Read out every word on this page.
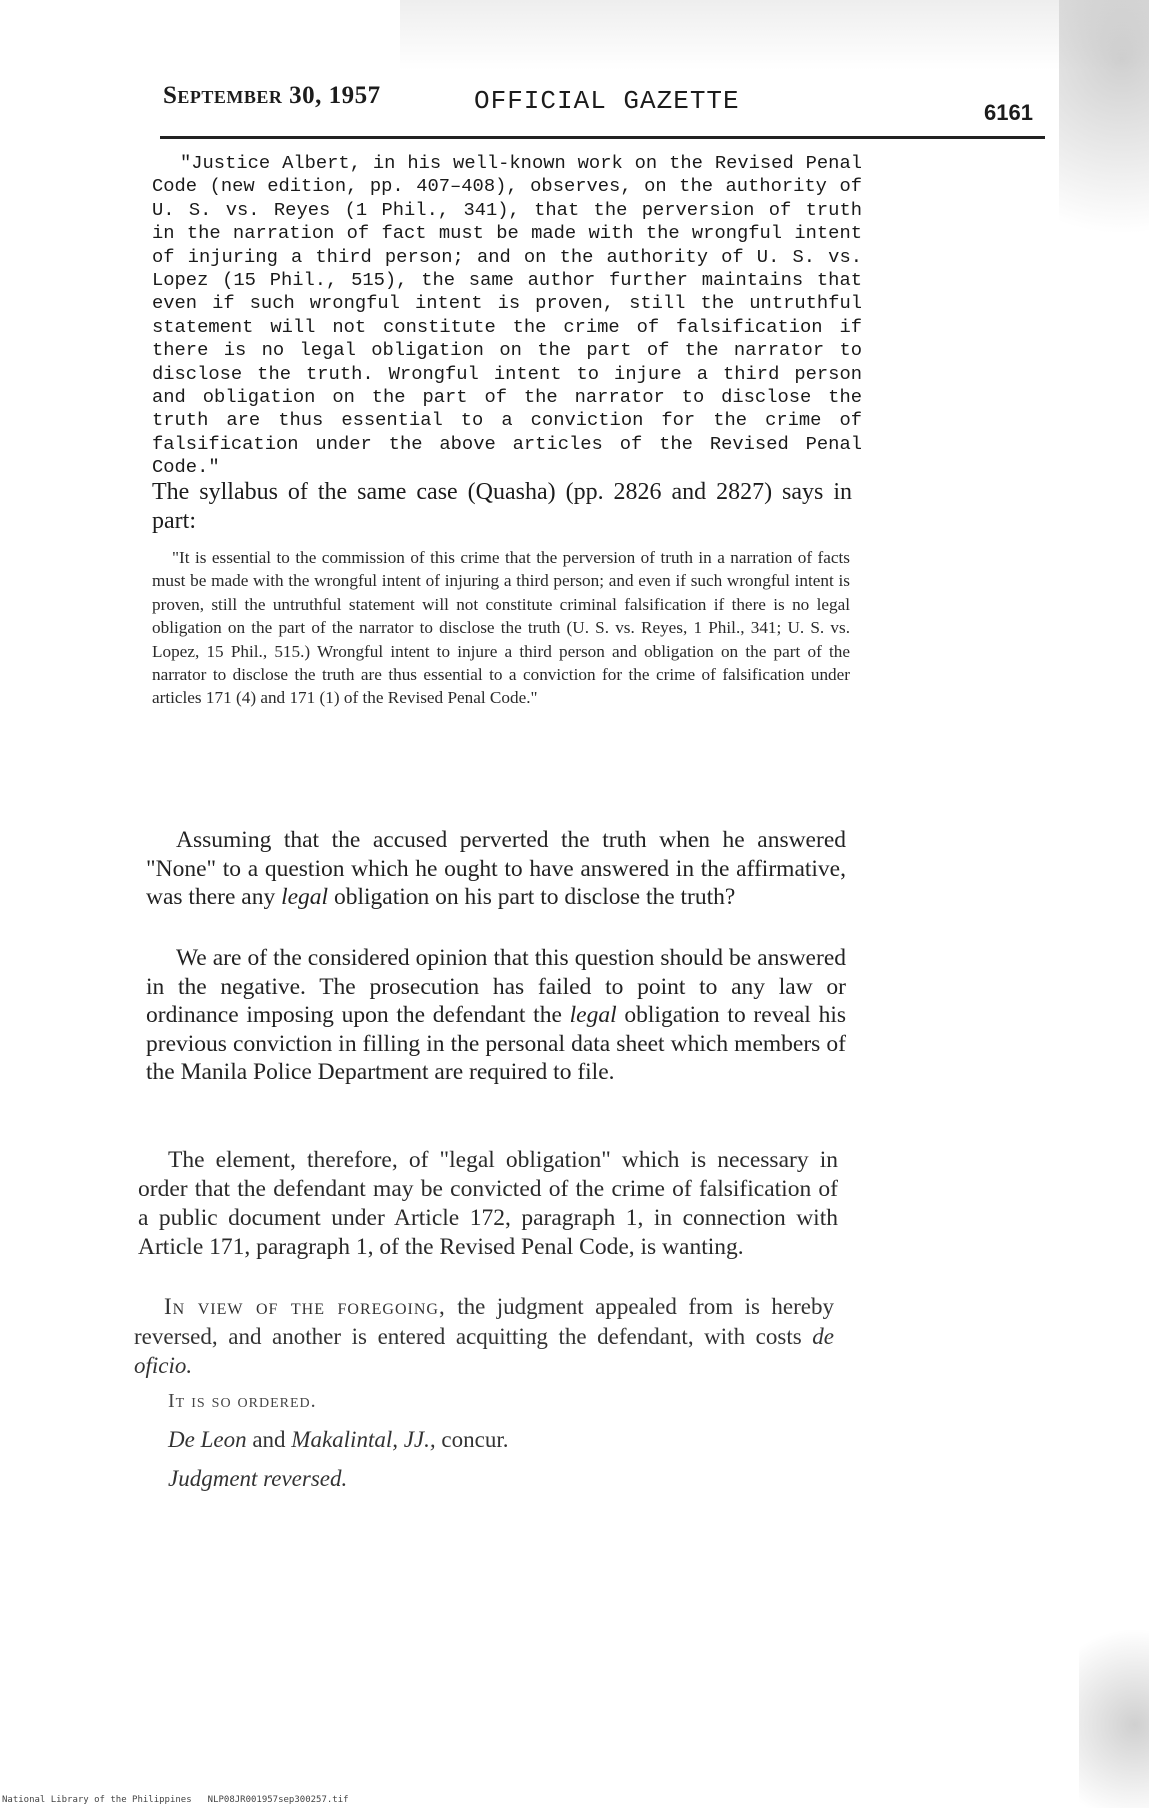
September 30, 1957	OFFICIAL GAZETTE	6161

"Justice Albert, in his well-known work on the Revised Penal Code (new edition, pp. 407–408), observes, on the authority of U. S. vs. Reyes (1 Phil., 341), that the perversion of truth in the narration of fact must be made with the wrongful intent of injuring a third person; and on the authority of U. S. vs. Lopez (15 Phil., 515), the same author further maintains that even if such wrongful intent is proven, still the untruthful statement will not constitute the crime of falsification if there is no legal obligation on the part of the narrator to disclose the truth. Wrongful intent to injure a third person and obligation on the part of the narrator to disclose the truth are thus essential to a conviction for the crime of falsification under the above articles of the Revised Penal Code."

The syllabus of the same case (Quasha) (pp. 2826 and 2827) says in part:

"It is essential to the commission of this crime that the perversion of truth in a narration of facts must be made with the wrongful intent of injuring a third person; and even if such wrongful intent is proven, still the untruthful statement will not constitute criminal falsification if there is no legal obligation on the part of the narrator to disclose the truth (U. S. vs. Reyes, 1 Phil., 341; U. S. vs. Lopez, 15 Phil., 515.) Wrongful intent to injure a third person and obligation on the part of the narrator to disclose the truth are thus essential to a conviction for the crime of falsification under articles 171 (4) and 171 (1) of the Revised Penal Code."

Assuming that the accused perverted the truth when he answered "None" to a question which he ought to have answered in the affirmative, was there any legal obligation on his part to disclose the truth?

We are of the considered opinion that this question should be answered in the negative. The prosecution has failed to point to any law or ordinance imposing upon the defendant the legal obligation to reveal his previous conviction in filling in the personal data sheet which members of the Manila Police Department are required to file.

The element, therefore, of "legal obligation" which is necessary in order that the defendant may be convicted of the crime of falsification of a public document under Article 172, paragraph 1, in connection with Article 171, paragraph 1, of the Revised Penal Code, is wanting.

In view of the foregoing, the judgment appealed from is hereby reversed, and another is entered acquitting the defendant, with costs de oficio.

It is so ordered.

De Leon and Makalintal, JJ., concur.

Judgment reversed.

National Library of the Philippines NLP08JR001957sep300257.tif
